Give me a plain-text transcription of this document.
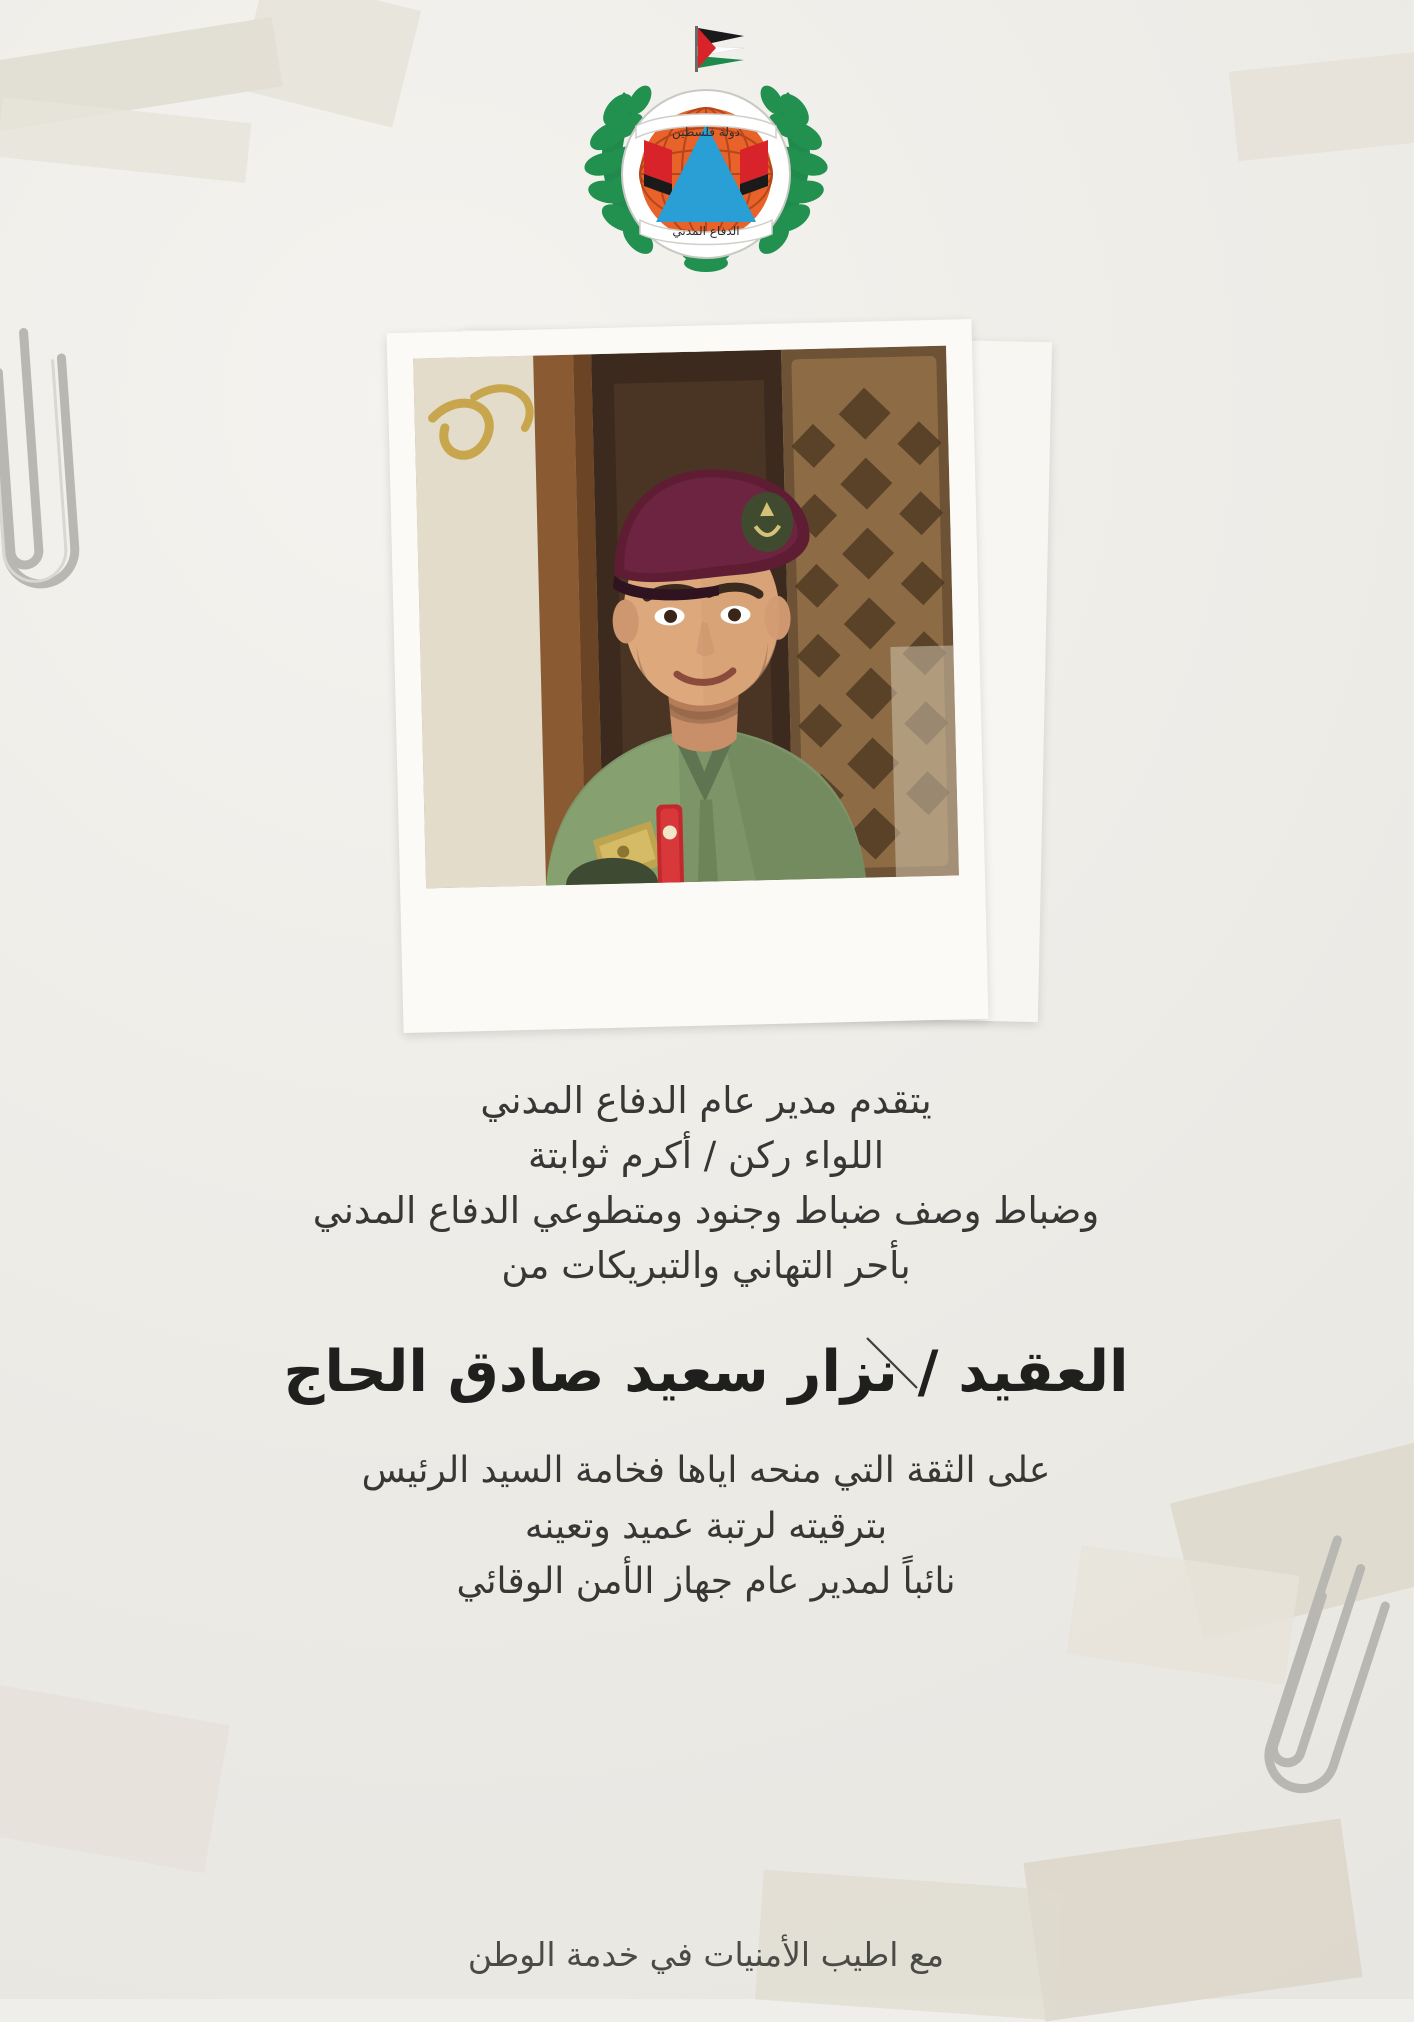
دولة فلسطين
الدفاع المدني
يتقدم مدير عام الدفاع المدني
اللواء ركن / أكرم ثوابتة
وضباط وصف ضباط وجنود ومتطوعي الدفاع المدني
بأحر التهاني والتبريكات من
العقيد / نزار سعيد صادق الحاج
على الثقة التي منحه اياها فخامة السيد الرئيس
بترقيته لرتبة عميد وتعينه
نائباً لمدير عام جهاز الأمن الوقائي
مع اطيب الأمنيات في خدمة الوطن
